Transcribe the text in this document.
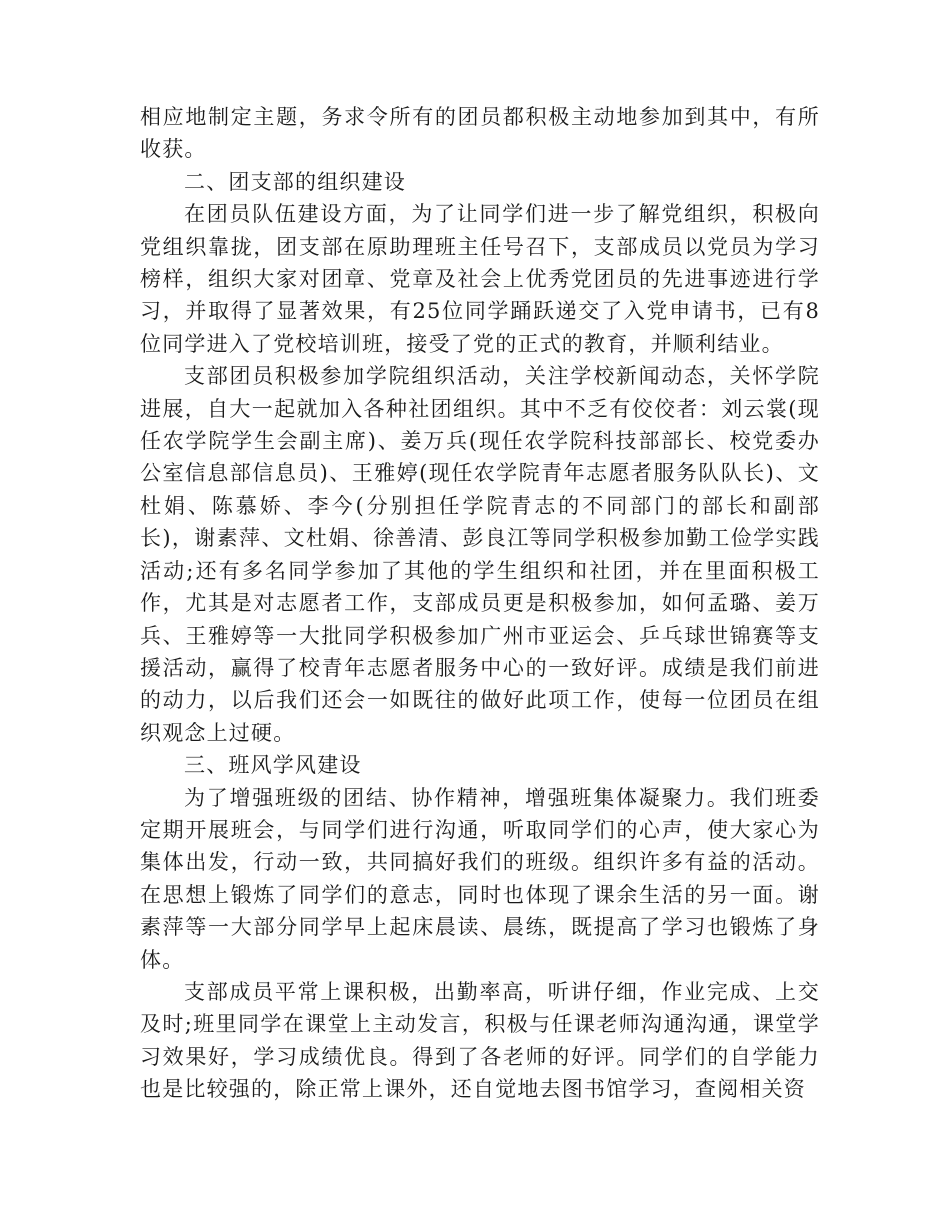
相应地制定主题，务求令所有的团员都积极主动地参加到其中，有所收获。

二、团支部的组织建设

在团员队伍建设方面，为了让同学们进一步了解党组织，积极向党组织靠拢，团支部在原助理班主任号召下，支部成员以党员为学习榜样，组织大家对团章、党章及社会上优秀党团员的先进事迹进行学习，并取得了显著效果，有25位同学踊跃递交了入党申请书，已有8位同学进入了党校培训班，接受了党的正式的教育，并顺利结业。

支部团员积极参加学院组织活动，关注学校新闻动态，关怀学院进展，自大一起就加入各种社团组织。其中不乏有佼佼者：刘云裳(现任农学院学生会副主席)、姜万兵(现任农学院科技部部长、校党委办公室信息部信息员)、王雅婷(现任农学院青年志愿者服务队队长)、文杜娟、陈慕娇、李今(分别担任学院青志的不同部门的部长和副部长)，谢素萍、文杜娟、徐善清、彭良江等同学积极参加勤工俭学实践活动;还有多名同学参加了其他的学生组织和社团，并在里面积极工作，尤其是对志愿者工作，支部成员更是积极参加，如何孟璐、姜万兵、王雅婷等一大批同学积极参加广州市亚运会、乒乓球世锦赛等支援活动，赢得了校青年志愿者服务中心的一致好评。成绩是我们前进的动力，以后我们还会一如既往的做好此项工作，使每一位团员在组织观念上过硬。

三、班风学风建设

为了增强班级的团结、协作精神，增强班集体凝聚力。我们班委定期开展班会，与同学们进行沟通，听取同学们的心声，使大家心为集体出发，行动一致，共同搞好我们的班级。组织许多有益的活动。在思想上锻炼了同学们的意志，同时也体现了课余生活的另一面。谢素萍等一大部分同学早上起床晨读、晨练，既提高了学习也锻炼了身体。

支部成员平常上课积极，出勤率高，听讲仔细，作业完成、上交及时;班里同学在课堂上主动发言，积极与任课老师沟通沟通，课堂学习效果好，学习成绩优良。得到了各老师的好评。同学们的自学能力也是比较强的，除正常上课外，还自觉地去图书馆学习，查阅相关资
